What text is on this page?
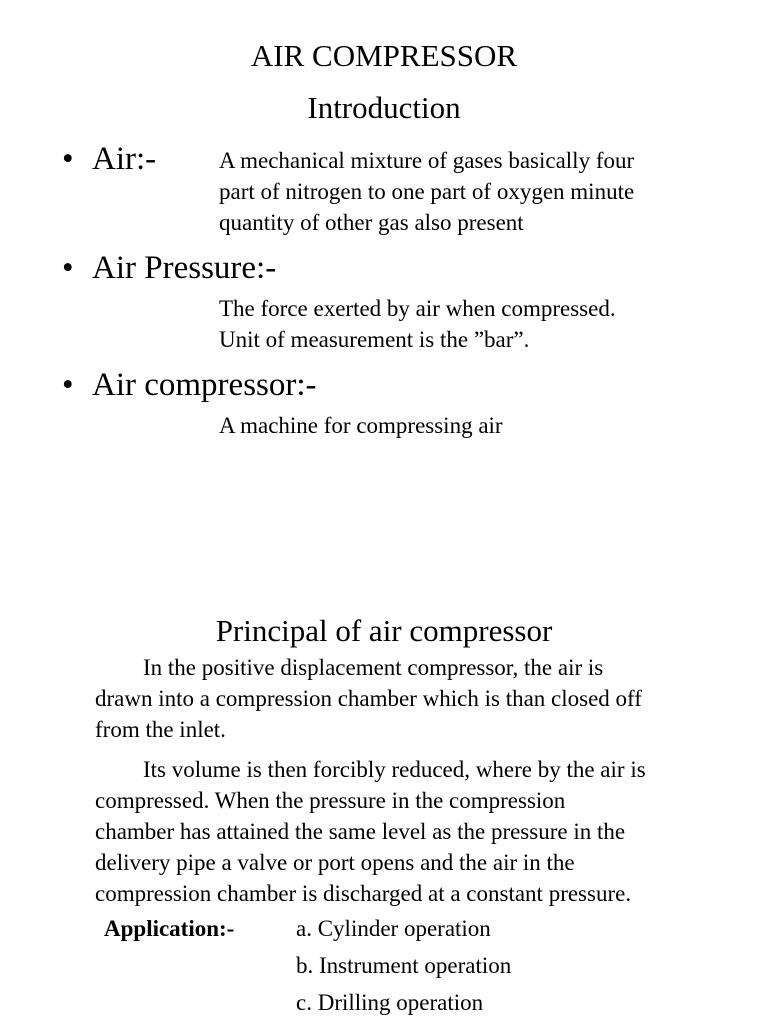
AIR COMPRESSOR
Introduction
• Air:-	A mechanical mixture of gases basically four
part of nitrogen to one part of oxygen minute
quantity of other gas also present
• Air Pressure:-
The force exerted by air when compressed.
Unit of measurement is the ”bar”.
• Air compressor:-
A machine for compressing air
Principal of air compressor
In the positive displacement compressor, the air is
drawn into a compression chamber which is than closed off
from the inlet.
Its volume is then forcibly reduced, where by the air is
compressed. When the pressure in the compression
chamber has attained the same level as the pressure in the
delivery pipe a valve or port opens and the air in the
compression chamber is discharged at a constant pressure.
Application:-	a. Cylinder operation
b. Instrument operation
c. Drilling operation
